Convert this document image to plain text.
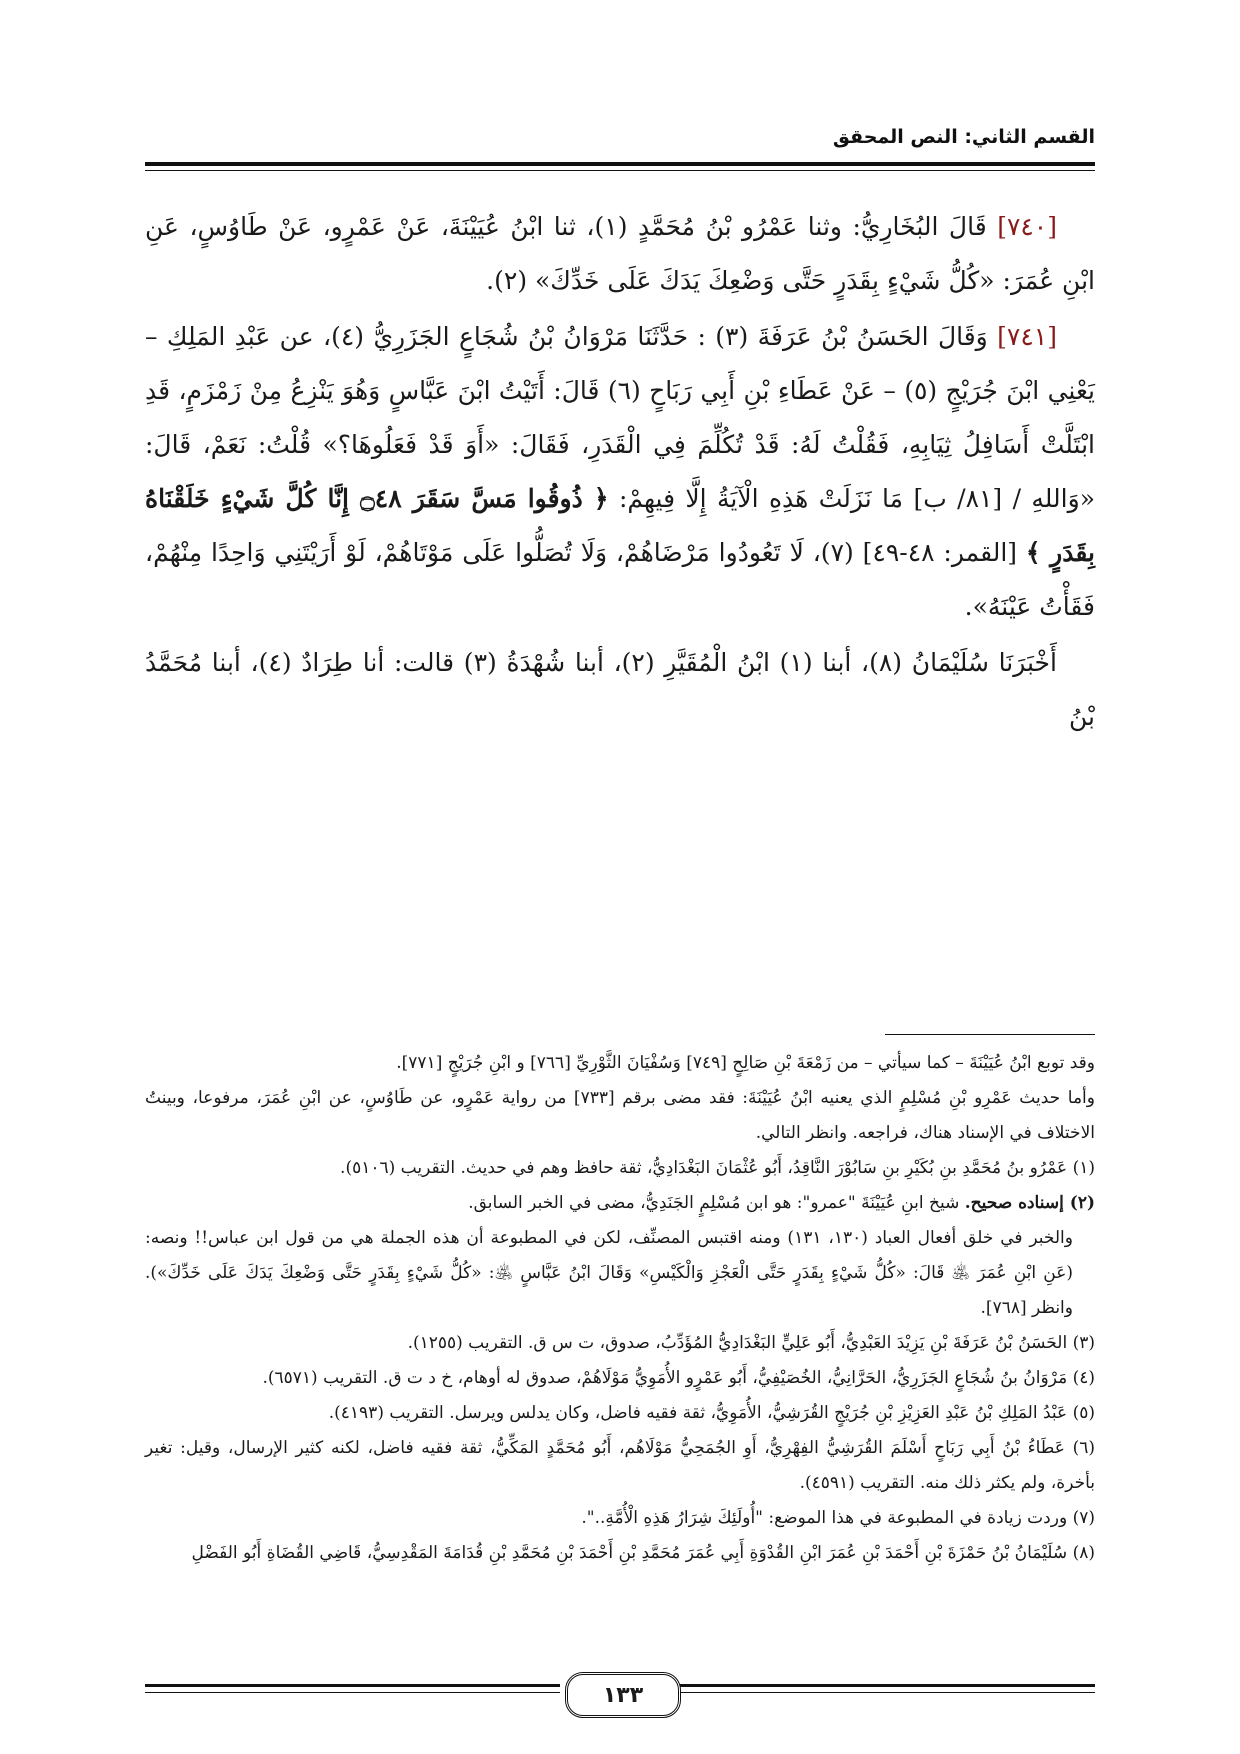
القسم الثاني: النص المحقق

[٧٤٠] قَالَ البُخَارِيُّ: وثنا عَمْرُو بْنُ مُحَمَّدٍ (١)، ثنا ابْنُ عُيَيْنَةَ، عَنْ عَمْرٍو، عَنْ طَاوُسٍ، عَنِ ابْنِ عُمَرَ: «كُلُّ شَيْءٍ بِقَدَرٍ حَتَّى وَضْعِكَ يَدَكَ عَلَى خَدِّكَ» (٢).

[٧٤١] وَقَالَ الحَسَنُ بْنُ عَرَفَةَ (٣) : حَدَّثَنَا مَرْوَانُ بْنُ شُجَاعٍ الجَزَرِيُّ (٤)، عن عَبْدِ المَلِكِ – يَعْنِي ابْنَ جُرَيْجٍ (٥) – عَنْ عَطَاءِ بْنِ أَبِي رَبَاحٍ (٦) قَالَ: أَتَيْتُ ابْنَ عَبَّاسٍ وَهُوَ يَنْزِعُ مِنْ زَمْزَمٍ، قَدِ ابْتَلَّتْ أَسَافِلُ ثِيَابِهِ، فَقُلْتُ لَهُ: قَدْ تُكُلِّمَ فِي الْقَدَرِ، فَقَالَ: «أَوَ قَدْ فَعَلُوهَا؟» قُلْتُ: نَعَمْ، قَالَ: «وَاللهِ / [٨١/ ب] مَا نَزَلَتْ هَذِهِ الْآيَةُ إِلَّا فِيهِمْ: ﴿ ذُوقُوا مَسَّ سَقَرَ ۝٤٨ إِنَّا كُلَّ شَيْءٍ خَلَقْنَاهُ بِقَدَرٍ ﴾ [القمر: ٤٨-٤٩] (٧)، لَا تَعُودُوا مَرْضَاهُمْ، وَلَا تُصَلُّوا عَلَى مَوْتَاهُمْ، لَوْ أَرَيْتَنِي وَاحِدًا مِنْهُمْ، فَقَأْتُ عَيْنَهُ».

أَخْبَرَنَا سُلَيْمَانُ (٨)، أبنا (١) ابْنُ الْمُقَيَّرِ (٢)، أبنا شُهْدَةُ (٣) قالت: أنا طِرَادٌ (٤)، أبنا مُحَمَّدُ بْنُ

وقد توبع ابْنُ عُيَيْنَةَ – كما سيأتي – من زَمْعَةَ بْنِ صَالِحٍ [٧٤٩] وَسُفْيَانَ الثَّوْرِيِّ [٧٦٦] و ابْنِ جُرَيْجٍ [٧٧١].

وأما حديث عَمْرِو بْنِ مُسْلِمٍ الذي يعنيه ابْنُ عُيَيْنَةَ: فقد مضى برقم [٧٣٣] من رواية عَمْرٍو، عن طَاوُسٍ، عن ابْنِ عُمَرَ، مرفوعا، وبينتُ الاختلاف في الإسناد هناك، فراجعه. وانظر التالي.

(١) عَمْرُو بنُ مُحَمَّدِ بنِ بُكَيْرِ بنِ سَابُوْرَ النَّاقِدُ، أَبُو عُثْمَانَ البَغْدَادِيُّ، ثقة حافظ وهم في حديث. التقريب (٥١٠٦).

(٢) إسناده صحيح. شيخ ابنِ عُيَيْنَةَ "عمرو": هو ابن مُسْلِمٍ الجَنَدِيُّ، مضى في الخبر السابق.

والخبر في خلق أفعال العباد (١٣٠، ١٣١) ومنه اقتبس المصنِّف، لكن في المطبوعة أن هذه الجملة هي من قول ابن عباس!! ونصه: (عَنِ ابْنِ عُمَرَ ﵁ قَالَ: «كُلُّ شَيْءٍ بِقَدَرٍ حَتَّى الْعَجْزِ وَالْكَيْسِ» وَقَالَ ابْنُ عَبَّاسٍ ﵁: «كُلُّ شَيْءٍ بِقَدَرٍ حَتَّى وَضْعِكَ يَدَكَ عَلَى خَدِّكَ»). وانظر [٧٦٨].

(٣) الحَسَنُ بْنُ عَرَفَةَ بْنِ يَزِيْدَ العَبْدِيُّ، أَبُو عَلِيٍّ البَغْدَادِيُّ المُؤَدِّبُ، صدوق، ت س ق. التقريب (١٢٥٥).

(٤) مَرْوَانُ بنُ شُجَاعٍ الجَزَرِيُّ، الحَرَّانِيُّ، الخُصَيْفِيُّ، أَبُو عَمْرٍو الأُمَوِيُّ مَوْلَاهُمْ، صدوق له أوهام، خ د ت ق. التقريب (٦٥٧١).

(٥) عَبْدُ المَلِكِ بْنُ عَبْدِ العَزِيْزِ بْنِ جُرَيْجٍ القُرَشِيُّ، الأُمَوِيُّ، ثقة فقيه فاضل، وكان يدلس ويرسل. التقريب (٤١٩٣).

(٦) عَطَاءُ بْنُ أَبِي رَبَاحٍ أَسْلَمَ القُرَشِيُّ الفِهْرِيُّ، أَوِ الجُمَحِيُّ مَوْلَاهُم، أَبُو مُحَمَّدٍ المَكِّيُّ، ثقة فقيه فاضل، لكنه كثير الإرسال، وقيل: تغير بأخرة، ولم يكثر ذلك منه. التقريب (٤٥٩١).

(٧) وردت زيادة في المطبوعة في هذا الموضع: "أُولَئِكَ شِرَارُ هَذِهِ الْأُمَّةِ..".

(٨) سُلَيْمَانُ بْنُ حَمْزَةَ بْنِ أَحْمَدَ بْنِ عُمَرَ ابْنِ القُدْوَةِ أَبِي عُمَرَ مُحَمَّدِ بْنِ أَحْمَدَ بْنِ مُحَمَّدِ بْنِ قُدَامَةَ المَقْدِسِيُّ، قَاضِي القُضَاةِ أَبُو الفَضْلِ

١٣٣
